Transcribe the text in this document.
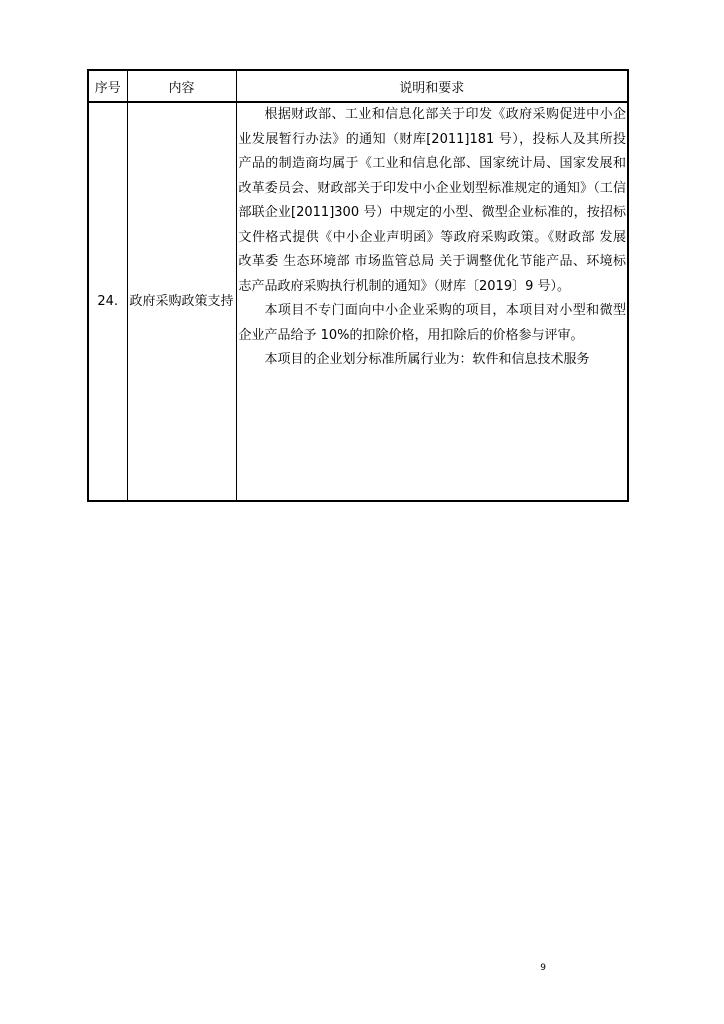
序号	内容	说明和要求
24.	政府采购政策支持	根据财政部、工业和信息化部关于印发《政府采购促进中小企业发展暂行办法》的通知（财库[2011]181 号），投标人及其所投产品的制造商均属于《工业和信息化部、国家统计局、国家发展和改革委员会、财政部关于印发中小企业划型标准规定的通知》（工信部联企业[2011]300 号）中规定的小型、微型企业标准的，按招标文件格式提供《中小企业声明函》等政府采购政策。《财政部 发展改革委 生态环境部 市场监管总局 关于调整优化节能产品、环境标志产品政府采购执行机制的通知》（财库〔2019〕9 号）。

本项目不专门面向中小企业采购的项目，本项目对小型和微型企业产品给予 10%的扣除价格，用扣除后的价格参与评审。

本项目的企业划分标准所属行业为：软件和信息技术服务

9
